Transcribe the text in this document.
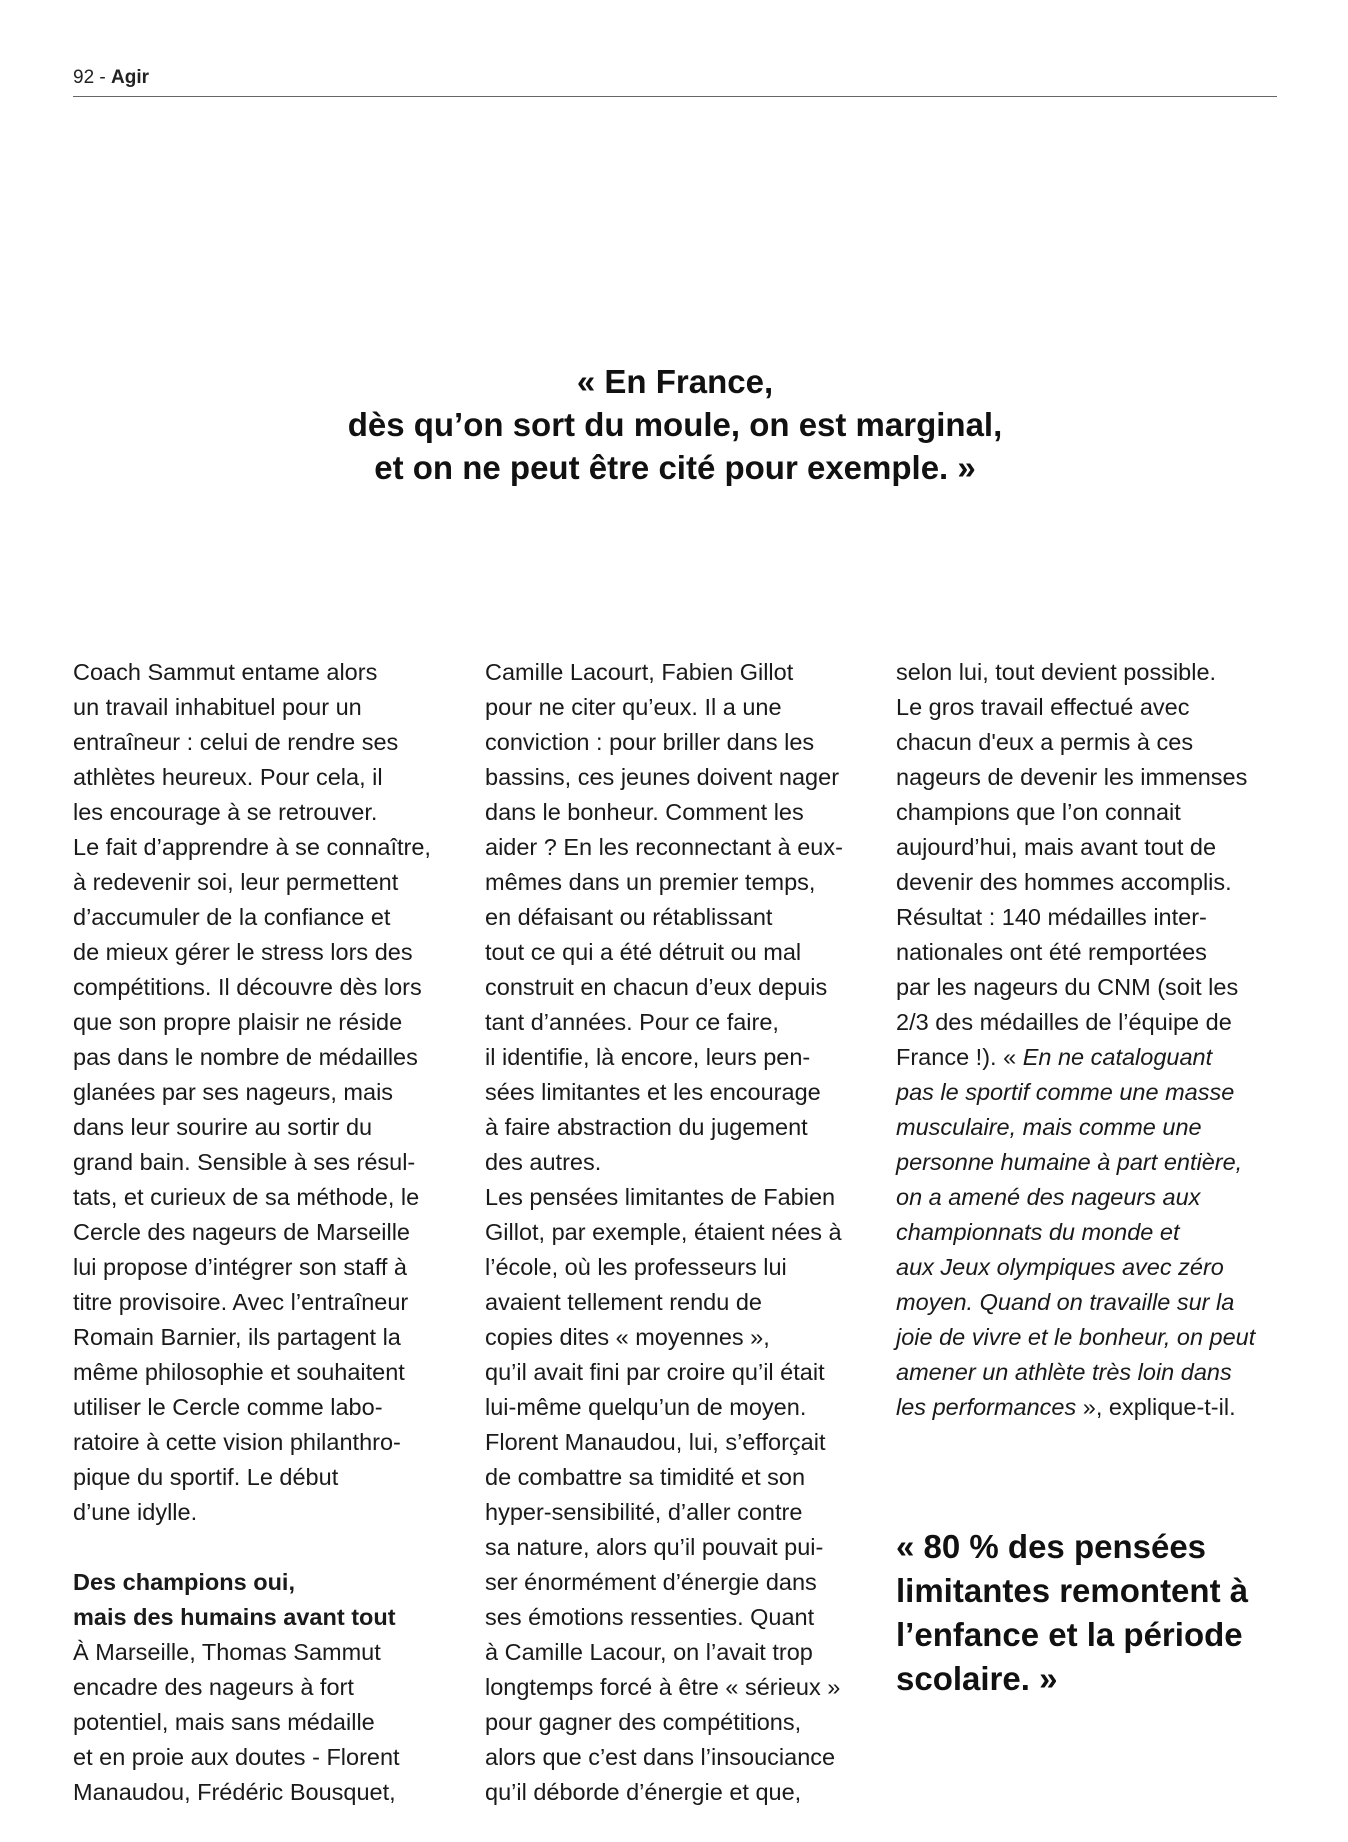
92 - Agir
« En France,
dès qu’on sort du moule, on est marginal,
et on ne peut être cité pour exemple. »
Coach Sammut entame alors
un travail inhabituel pour un
entraîneur : celui de rendre ses
athlètes heureux. Pour cela, il
les encourage à se retrouver.
Le fait d’apprendre à se connaître,
à redevenir soi, leur permettent
d’accumuler de la confiance et
de mieux gérer le stress lors des
compétitions. Il découvre dès lors
que son propre plaisir ne réside
pas dans le nombre de médailles
glanées par ses nageurs, mais
dans leur sourire au sortir du
grand bain. Sensible à ses résul-
tats, et curieux de sa méthode, le
Cercle des nageurs de Marseille
lui propose d’intégrer son staff à
titre provisoire. Avec l’entraîneur
Romain Barnier, ils partagent la
même philosophie et souhaitent
utiliser le Cercle comme labo-
ratoire à cette vision philanthro-
pique du sportif. Le début
d’une idylle.
Des champions oui,
mais des humains avant tout
À Marseille, Thomas Sammut
encadre des nageurs à fort
potentiel, mais sans médaille
et en proie aux doutes - Florent
Manaudou, Frédéric Bousquet,
Camille Lacourt, Fabien Gillot
pour ne citer qu’eux. Il a une
conviction : pour briller dans les
bassins, ces jeunes doivent nager
dans le bonheur. Comment les
aider ? En les reconnectant à eux-
mêmes dans un premier temps,
en défaisant ou rétablissant
tout ce qui a été détruit ou mal
construit en chacun d’eux depuis
tant d’années. Pour ce faire,
il identifie, là encore, leurs pen-
sées limitantes et les encourage
à faire abstraction du jugement
des autres.
Les pensées limitantes de Fabien
Gillot, par exemple, étaient nées à
l’école, où les professeurs lui
avaient tellement rendu de
copies dites « moyennes »,
qu’il avait fini par croire qu’il était
lui-même quelqu’un de moyen.
Florent Manaudou, lui, s’efforçait
de combattre sa timidité et son
hyper-sensibilité, d’aller contre
sa nature, alors qu’il pouvait pui-
ser énormément d’énergie dans
ses émotions ressenties. Quant
à Camille Lacour, on l’avait trop
longtemps forcé à être « sérieux »
pour gagner des compétitions,
alors que c’est dans l’insouciance
qu’il déborde d’énergie et que,
selon lui, tout devient possible.
Le gros travail effectué avec
chacun d'eux a permis à ces
nageurs de devenir les immenses
champions que l’on connait
aujourd’hui, mais avant tout de
devenir des hommes accomplis.
Résultat : 140 médailles inter-
nationales ont été remportées
par les nageurs du CNM (soit les
2/3 des médailles de l’équipe de
France !). « En ne cataloguant
pas le sportif comme une masse
musculaire, mais comme une
personne humaine à part entière,
on a amené des nageurs aux
championnats du monde et
aux Jeux olympiques avec zéro
moyen. Quand on travaille sur la
joie de vivre et le bonheur, on peut
amener un athlète très loin dans
les performances », explique-t-il.
« 80 % des pensées
limitantes remontent à
l’enfance et la période
scolaire. »
